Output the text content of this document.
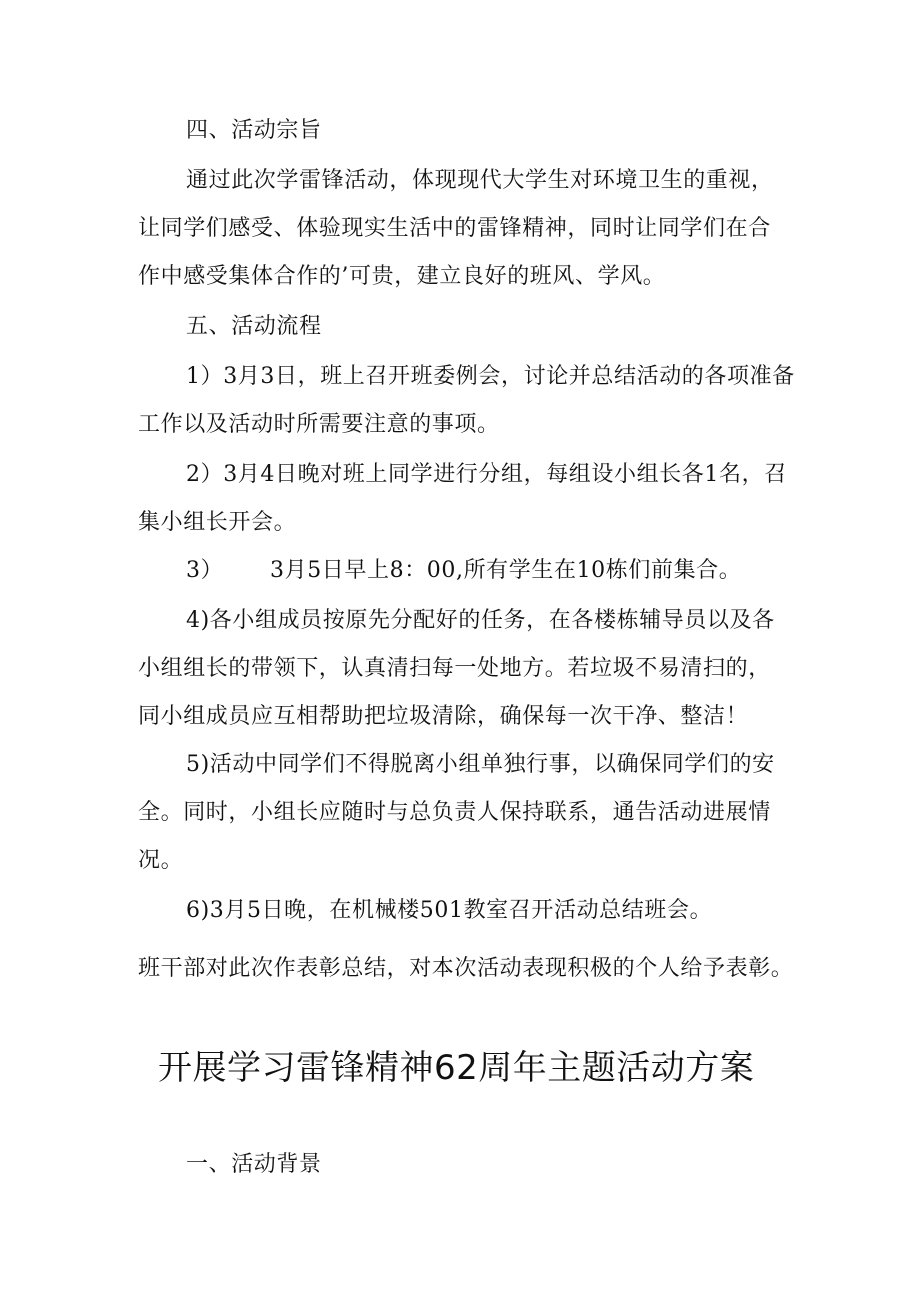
四、活动宗旨
通过此次学雷锋活动，体现现代大学生对环境卫生的重视，
让同学们感受、体验现实生活中的雷锋精神，同时让同学们在合
作中感受集体合作的’可贵，建立良好的班风、学风。
五、活动流程
1）3月3日，班上召开班委例会，讨论并总结活动的各项准备
工作以及活动时所需要注意的事项。
2）3月4日晚对班上同学进行分组，每组设小组长各1名，召
集小组长开会。
3） 3月5日早上8：00,所有学生在10栋们前集合。
4)各小组成员按原先分配好的任务，在各楼栋辅导员以及各
小组组长的带领下，认真清扫每一处地方。若垃圾不易清扫的，
同小组成员应互相帮助把垃圾清除，确保每一次干净、整洁！
5)活动中同学们不得脱离小组单独行事，以确保同学们的安
全。同时，小组长应随时与总负责人保持联系，通告活动进展情
况。
6)3月5日晚，在机械楼501教室召开活动总结班会。
班干部对此次作表彰总结，对本次活动表现积极的个人给予表彰。
开展学习雷锋精神62周年主题活动方案
一、活动背景
